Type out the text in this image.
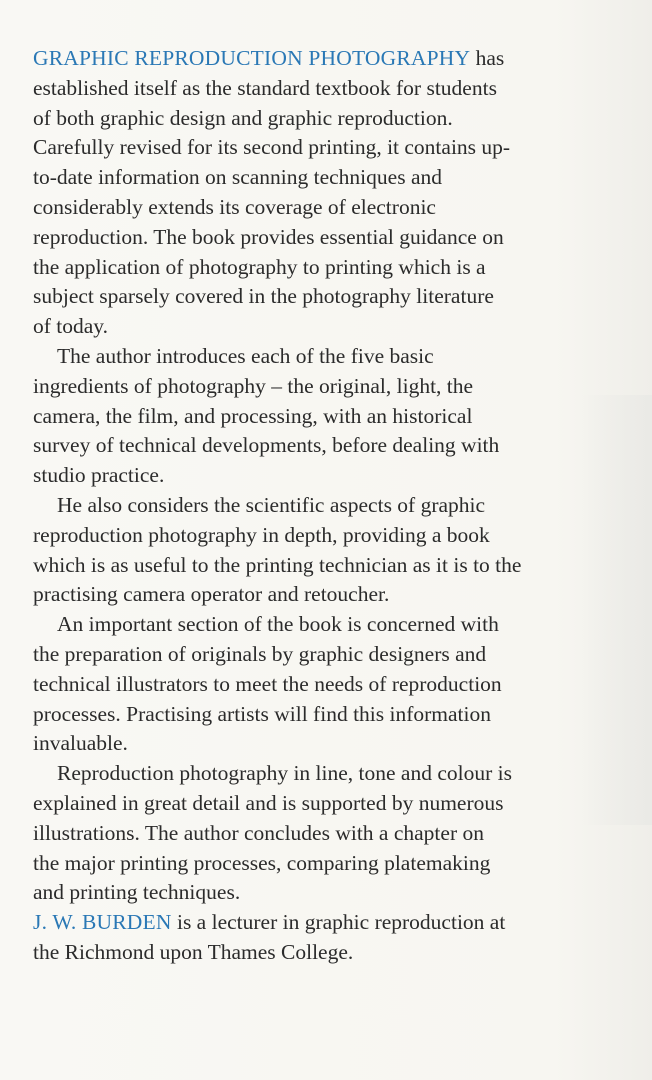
GRAPHIC REPRODUCTION PHOTOGRAPHY has
established itself as the standard textbook for students
of both graphic design and graphic reproduction.
Carefully revised for its second printing, it contains up-
to-date information on scanning techniques and
considerably extends its coverage of electronic
reproduction. The book provides essential guidance on
the application of photography to printing which is a
subject sparsely covered in the photography literature
of today.

The author introduces each of the five basic
ingredients of photography – the original, light, the
camera, the film, and processing, with an historical
survey of technical developments, before dealing with
studio practice.

He also considers the scientific aspects of graphic
reproduction photography in depth, providing a book
which is as useful to the printing technician as it is to the
practising camera operator and retoucher.

An important section of the book is concerned with
the preparation of originals by graphic designers and
technical illustrators to meet the needs of reproduction
processes. Practising artists will find this information
invaluable.

Reproduction photography in line, tone and colour is
explained in great detail and is supported by numerous
illustrations. The author concludes with a chapter on
the major printing processes, comparing platemaking
and printing techniques.

J. W. BURDEN is a lecturer in graphic reproduction at
the Richmond upon Thames College.
